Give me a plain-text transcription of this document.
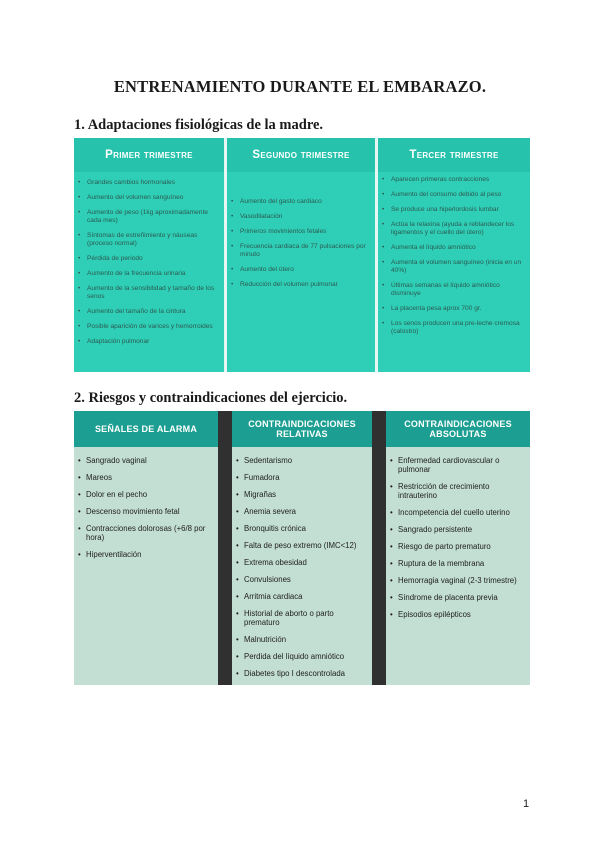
ENTRENAMIENTO DURANTE EL EMBARAZO.
1. Adaptaciones fisiológicas de la madre.
Primer trimestre
• Grandes cambios hormonales
• Aumento del volumen sanguíneo
• Aumento de peso (1kg aproximadamente cada mes)
• Síntomas de estreñimiento y náuseas (proceso normal)
• Pérdida de periodo
• Aumento de la frecuencia urinaria
• Aumento de la sensibilidad y tamaño de los senos
• Aumento del tamaño de la cintura
• Posible aparición de varices y hemorroides
• Adaptación pulmonar
Segundo trimestre
• Aumento del gasto cardiaco
• Vasodilatación
• Primeros movimientos fetales
• Frecuencia cardiaca de 77 pulsaciones por minuto
• Aumento del útero
• Reducción del volumen pulmonar
Tercer trimestre
• Aparecen primeras contracciones
• Aumento del consumo debido al peso
• Se produce una hiperlordosis lumbar
• Actúa la relaxina (ayuda a reblandecer los ligamentos y el cuello del útero)
• Aumenta el líquido amniótico
• Aumenta el volumen sanguíneo (inicia en un 40%)
• Últimas semanas el líquido amniótico disminuye
• La placenta pesa aprox 700 gr.
• Los senos producen una pre-leche cremosa (calostro)
2. Riesgos y contraindicaciones del ejercicio.
SEÑALES DE ALARMA
• Sangrado vaginal
• Mareos
• Dolor en el pecho
• Descenso movimiento fetal
• Contracciones dolorosas (+6/8 por hora)
• Hiperventilación
CONTRAINDICACIONES RELATIVAS
• Sedentarismo
• Fumadora
• Migrañas
• Anemia severa
• Bronquitis crónica
• Falta de peso extremo (IMC<12)
• Extrema obesidad
• Convulsiones
• Arritmia cardiaca
• Historial de aborto o parto prematuro
• Malnutrición
• Perdida del líquido amniótico
• Diabetes tipo I descontrolada
CONTRAINDICACIONES ABSOLUTAS
• Enfermedad cardiovascular o pulmonar
• Restricción de crecimiento intrauterino
• Incompetencia del cuello uterino
• Sangrado persistente
• Riesgo de parto prematuro
• Ruptura de la membrana
• Hemorragia vaginal (2-3 trimestre)
• Síndrome de placenta previa
• Episodios epilépticos
1
